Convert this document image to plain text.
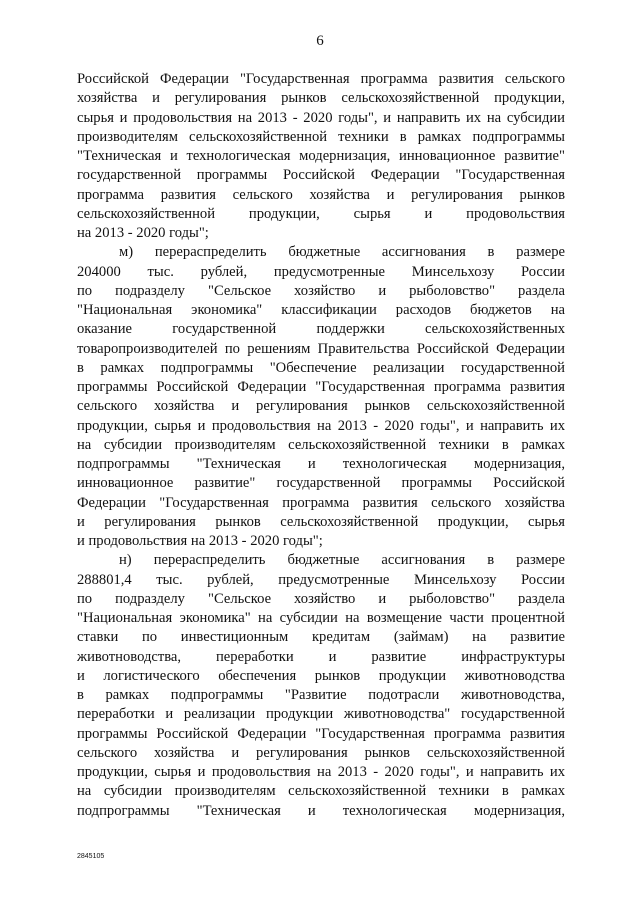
6
Российской Федерации "Государственная программа развития сельского
хозяйства и регулирования рынков сельскохозяйственной продукции,
сырья и продовольствия на 2013 - 2020 годы", и направить их на субсидии
производителям сельскохозяйственной техники в рамках подпрограммы
"Техническая и технологическая модернизация, инновационное развитие"
государственной программы Российской Федерации "Государственная
программа развития сельского хозяйства и регулирования рынков
сельскохозяйственной продукции, сырья и продовольствия
на 2013 - 2020 годы";
м) перераспределить бюджетные ассигнования в размере
204000 тыс. рублей, предусмотренные Минсельхозу России
по подразделу "Сельское хозяйство и рыболовство" раздела
"Национальная экономика" классификации расходов бюджетов на
оказание государственной поддержки сельскохозяйственных
товаропроизводителей по решениям Правительства Российской Федерации
в рамках подпрограммы "Обеспечение реализации государственной
программы Российской Федерации "Государственная программа развития
сельского хозяйства и регулирования рынков сельскохозяйственной
продукции, сырья и продовольствия на 2013 - 2020 годы", и направить их
на субсидии производителям сельскохозяйственной техники в рамках
подпрограммы "Техническая и технологическая модернизация,
инновационное развитие" государственной программы Российской
Федерации "Государственная программа развития сельского хозяйства
и регулирования рынков сельскохозяйственной продукции, сырья
и продовольствия на 2013 - 2020 годы";
н) перераспределить бюджетные ассигнования в размере
288801,4 тыс. рублей, предусмотренные Минсельхозу России
по подразделу "Сельское хозяйство и рыболовство" раздела
"Национальная экономика" на субсидии на возмещение части процентной
ставки по инвестиционным кредитам (займам) на развитие
животноводства, переработки и развитие инфраструктуры
и логистического обеспечения рынков продукции животноводства
в рамках подпрограммы "Развитие подотрасли животноводства,
переработки и реализации продукции животноводства" государственной
программы Российской Федерации "Государственная программа развития
сельского хозяйства и регулирования рынков сельскохозяйственной
продукции, сырья и продовольствия на 2013 - 2020 годы", и направить их
на субсидии производителям сельскохозяйственной техники в рамках
подпрограммы "Техническая и технологическая модернизация,
2845105
